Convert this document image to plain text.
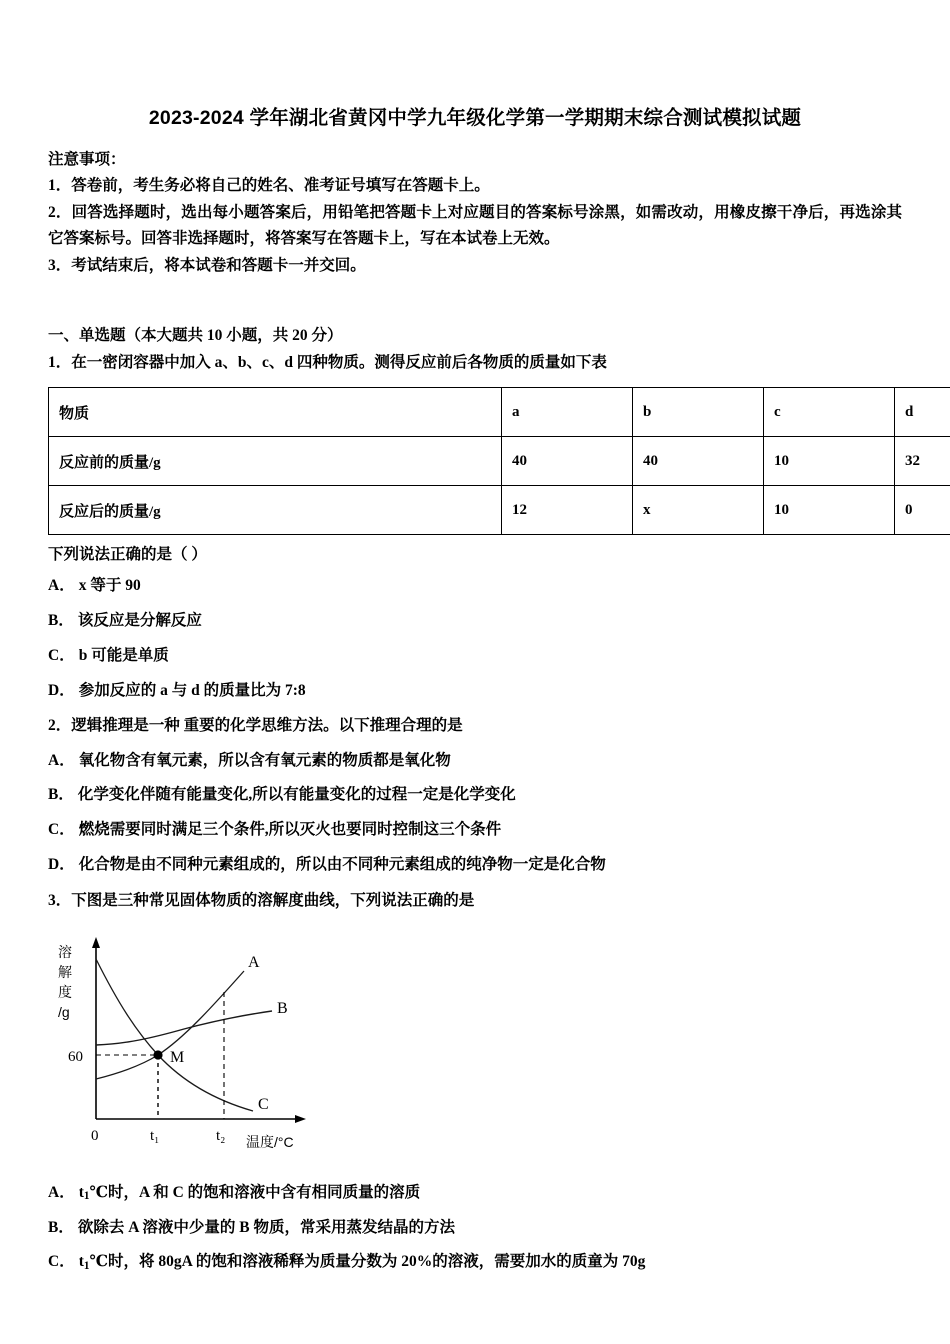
2023-2024 学年湖北省黄冈中学九年级化学第一学期期末综合测试模拟试题

注意事项：

1．答卷前，考生务必将自己的姓名、准考证号填写在答题卡上。

2．回答选择题时，选出每小题答案后，用铅笔把答题卡上对应题目的答案标号涂黑，如需改动，用橡皮擦干净后，再选涂其它答案标号。回答非选择题时，将答案写在答题卡上，写在本试卷上无效。

3．考试结束后，将本试卷和答题卡一并交回。

一、单选题（本大题共 10 小题，共 20 分）

1．在一密闭容器中加入 a、b、c、d 四种物质。测得反应前后各物质的质量如下表

物质	a	b	c	d
反应前的质量/g	40	40	10	32
反应后的质量/g	12	x	10	0

下列说法正确的是（ ）

A． x 等于 90

B． 该反应是分解反应

C． b 可能是单质

D． 参加反应的 a 与 d 的质量比为 7:8

2．逻辑推理是一种 重要的化学思维方法。以下推理合理的是

A． 氧化物含有氧元素，所以含有氧元素的物质都是氧化物

B． 化学变化伴随有能量变化,所以有能量变化的过程一定是化学变化

C． 燃烧需要同时满足三个条件,所以灭火也要同时控制这三个条件

D． 化合物是由不同种元素组成的，所以由不同种元素组成的纯净物一定是化合物

3．下图是三种常见固体物质的溶解度曲线，下列说法正确的是

A
B
C
M
60
溶
解
度
/g
0	t₁	t₂ 温度/°C

A． $t_1℃$时，A 和 C 的饱和溶液中含有相同质量的溶质

B． 欲除去 A 溶液中少量的 B 物质，常采用蒸发结晶的方法

C． $t_1℃$时，将 80gA 的饱和溶液稀释为质量分数为 20%的溶液，需要加水的质童为 70g
